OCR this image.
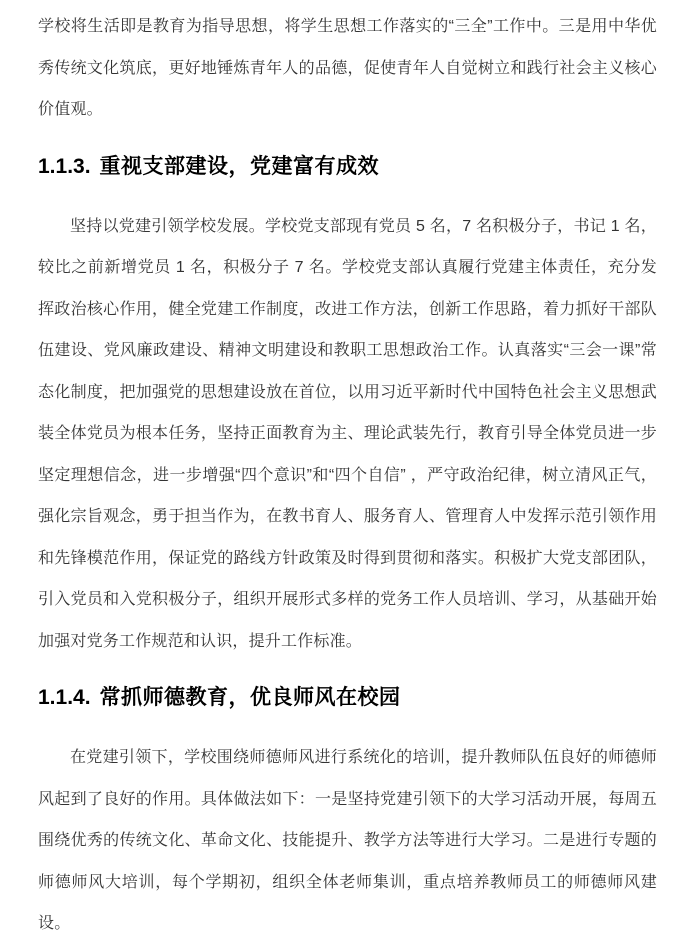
学校将生活即是教育为指导思想，将学生思想工作落实的“三全”工作中。三是用中华优秀传统文化筑底，更好地锤炼青年人的品德，促使青年人自觉树立和践行社会主义核心价值观。

1.1.3. 重视支部建设，党建富有成效

坚持以党建引领学校发展。学校党支部现有党员 5 名，7 名积极分子，书记 1 名，较比之前新增党员 1 名，积极分子 7 名。学校党支部认真履行党建主体责任，充分发挥政治核心作用，健全党建工作制度，改进工作方法，创新工作思路，着力抓好干部队伍建设、党风廉政建设、精神文明建设和教职工思想政治工作。认真落实“三会一课”常态化制度，把加强党的思想建设放在首位，以用习近平新时代中国特色社会主义思想武装全体党员为根本任务，坚持正面教育为主、理论武装先行，教育引导全体党员进一步坚定理想信念，进一步增强“四个意识”和“四个自信” ，严守政治纪律，树立清风正气，强化宗旨观念，勇于担当作为，在教书育人、服务育人、管理育人中发挥示范引领作用和先锋模范作用，保证党的路线方针政策及时得到贯彻和落实。积极扩大党支部团队，引入党员和入党积极分子，组织开展形式多样的党务工作人员培训、学习，从基础开始加强对党务工作规范和认识，提升工作标准。

1.1.4. 常抓师德教育，优良师风在校园

在党建引领下，学校围绕师德师风进行系统化的培训，提升教师队伍良好的师德师风起到了良好的作用。具体做法如下：一是坚持党建引领下的大学习活动开展，每周五围绕优秀的传统文化、革命文化、技能提升、教学方法等进行大学习。二是进行专题的师德师风大培训，每个学期初，组织全体老师集训，重点培养教师员工的师德师风建设。
